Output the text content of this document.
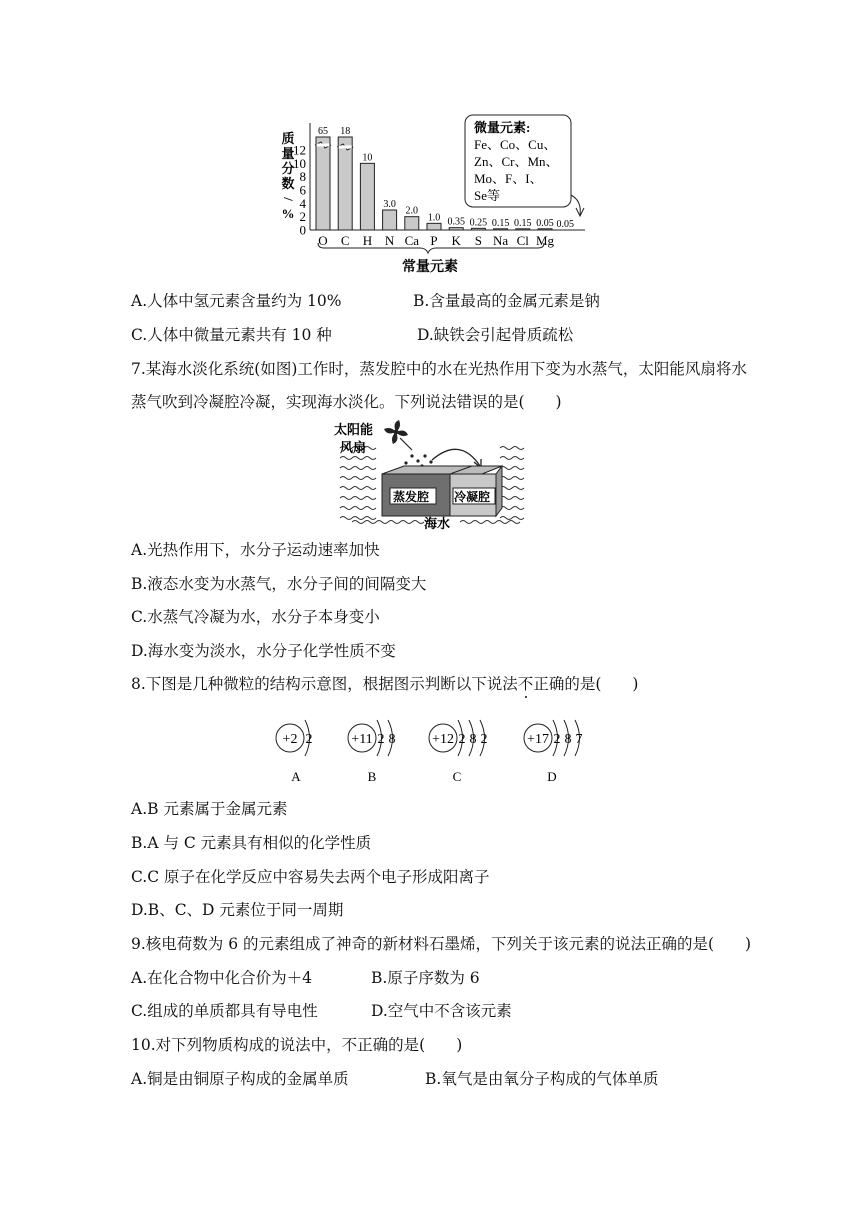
质
量
分
数
/
%
0
2
4
6
8
10
12
65 18
10
3.0
2.0
1.0 0.35 0.25 0.15 0.15 0.05 0.05
O C H N Ca P K S Na Cl Mg
常量元素
微量元素:
Fe、Co、Cu、
Zn、Cr、Mn、
Mo、F、I、
Se等
A.人体中氢元素含量约为 10%	B.含量最高的金属元素是钠
C.人体中微量元素共有 10 种	D.缺铁会引起骨质疏松
7.某海水淡化系统(如图)工作时，蒸发腔中的水在光热作用下变为水蒸气，太阳能风扇将水
蒸气吹到冷凝腔冷凝，实现海水淡化。下列说法错误的是(　　)
太阳能
风扇
蒸发腔 冷凝腔
海水
A.光热作用下，水分子运动速率加快
B.液态水变为水蒸气，水分子间的间隔变大
C.水蒸气冷凝为水，水分子本身变小
D.海水变为淡水，水分子化学性质不变
8.下图是几种微粒的结构示意图，根据图示判断以下说法不正确的是(　　)
+2 2
A
+11 2 8
B
+12 2 8 2
C
+17 2 8 7
D
A.B 元素属于金属元素
B.A 与 C 元素具有相似的化学性质
C.C 原子在化学反应中容易失去两个电子形成阳离子
D.B、C、D 元素位于同一周期
9.核电荷数为 6 的元素组成了神奇的新材料石墨烯，下列关于该元素的说法正确的是(　　)
A.在化合物中化合价为＋4	B.原子序数为 6
C.组成的单质都具有导电性	D.空气中不含该元素
10.对下列物质构成的说法中，不正确的是(　　)
A.铜是由铜原子构成的金属单质	B.氧气是由氧分子构成的气体单质
